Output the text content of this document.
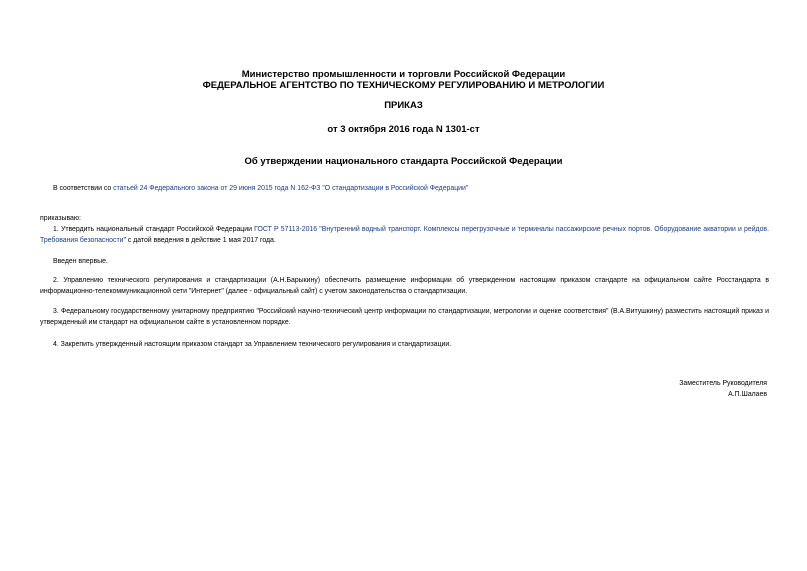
Министерство промышленности и торговли Российской Федерации
ФЕДЕРАЛЬНОЕ АГЕНТСТВО ПО ТЕХНИЧЕСКОМУ РЕГУЛИРОВАНИЮ И МЕТРОЛОГИИ
ПРИКАЗ
от 3 октября 2016 года N 1301-ст
Об утверждении национального стандарта Российской Федерации
В соответствии со статьей 24 Федерального закона от 29 июня 2015 года N 162-ФЗ "О стандартизации в Российской Федерации"
приказываю:
1. Утвердить национальный стандарт Российской Федерации ГОСТ Р 57113-2016 "Внутренний водный транспорт. Комплексы перегрузочные и терминалы пассажирские речных портов. Оборудование акватории и рейдов. Требования безопасности" с датой введения в действие 1 мая 2017 года.
Введен впервые.
2. Управлению технического регулирования и стандартизации (А.Н.Барыкину) обеспечить размещение информации об утвержденном настоящим приказом стандарте на официальном сайте Росстандарта в информационно-телекоммуникационной сети "Интернет" (далее - официальный сайт) с учетом законодательства о стандартизации.
3. Федеральному государственному унитарному предприятию "Российский научно-технический центр информации по стандартизации, метрологии и оценке соответствия" (В.А.Витушкину) разместить настоящий приказ и утвержденный им стандарт на официальном сайте в установленном порядке.
4. Закрепить утвержденный настоящим приказом стандарт за Управлением технического регулирования и стандартизации.
Заместитель Руководителя
А.П.Шалаев
